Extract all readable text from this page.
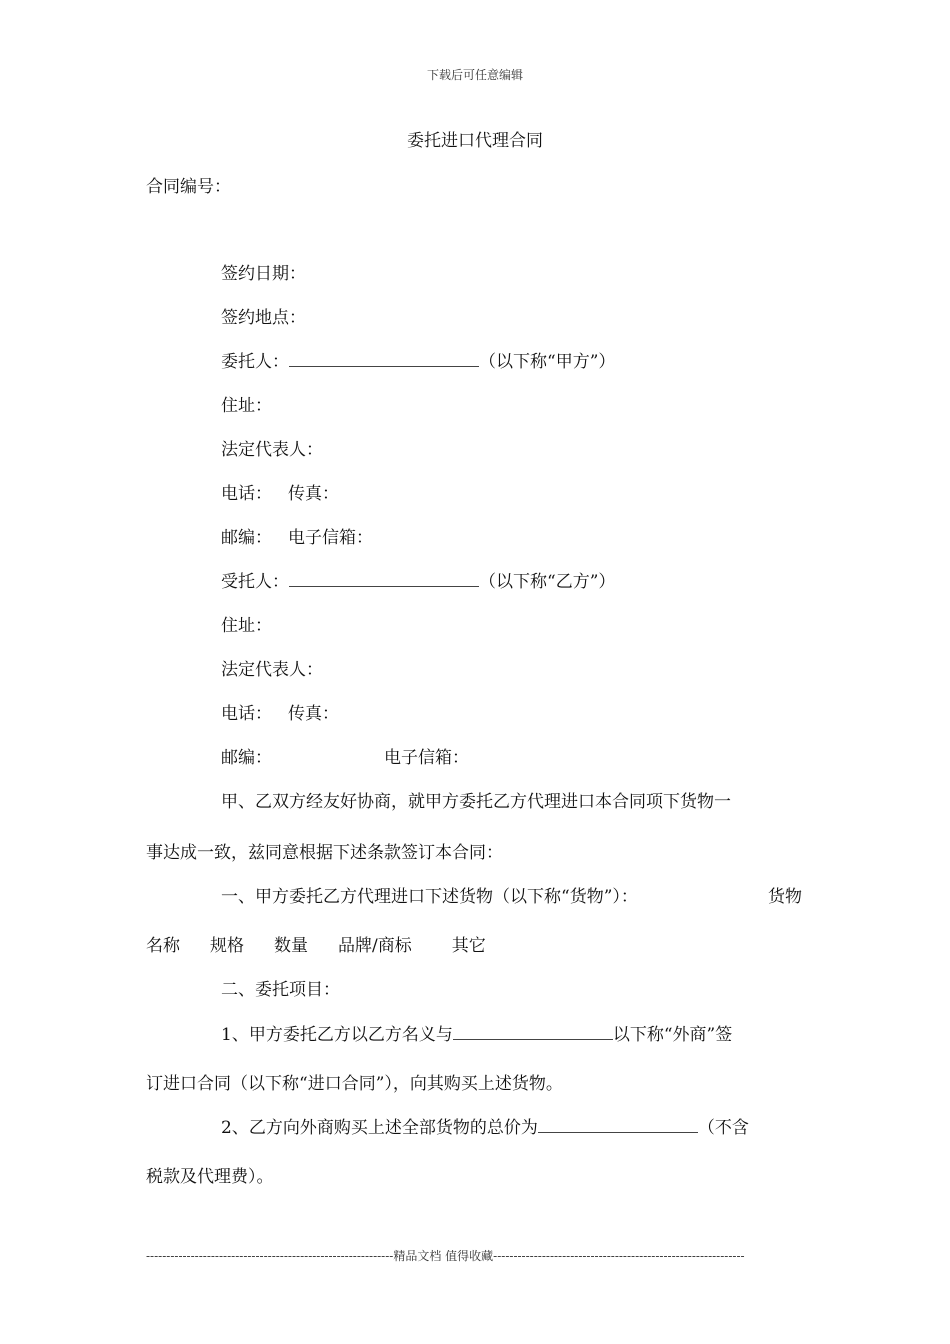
下载后可任意编辑
委托进口代理合同
合同编号：
签约日期：
签约地点：
委托人：	（以下称“甲方”）
住址：
法定代表人：
电话： 传真：
邮编： 电子信箱：
受托人：	（以下称“乙方”）
住址：
法定代表人：
电话： 传真：
邮编：	电子信箱：
甲、乙双方经友好协商，就甲方委托乙方代理进口本合同项下货物一
事达成一致，兹同意根据下述条款签订本合同：
一、甲方委托乙方代理进口下述货物（以下称“货物”）：	货物
名称 规格 数量 品牌/商标 其它
二、委托项目：
1、甲方委托乙方以乙方名义与	以下称“外商”签
订进口合同（以下称“进口合同”），向其购买上述货物。
2、乙方向外商购买上述全部货物的总价为	（不含
税款及代理费）。
-------------------------------------------------------------精品文档 值得收藏--------------------------------------------------------------
